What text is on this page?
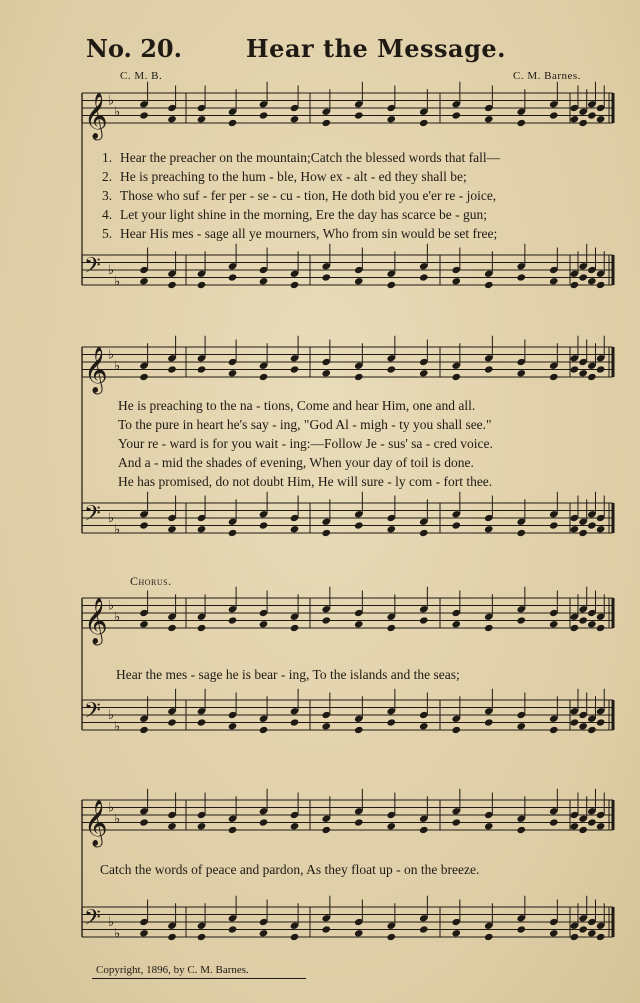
No. 20.	Hear the Message.
C. M. B.	C. M. Barnes.
𝄞 ♭
♭
𝄢 ♭
♭
𝄞 ♭
♭
𝄢 ♭
♭
𝄞 ♭
♭
𝄢 ♭
♭
𝄞 ♭
♭
𝄢 ♭
♭
1. Hear the preacher on the mountain;Catch the blessed words that fall—
2. He is preaching to the hum - ble, How ex - alt - ed they shall be;
3. Those who suf - fer per - se - cu - tion, He doth bid you e'er re - joice,
4. Let your light shine in the morning, Ere the day has scarce be - gun;
5. Hear His mes - sage all ye mourners, Who from sin would be set free;
He is preaching to the na - tions, Come and hear Him, one and all.
To the pure in heart he's say - ing, "God Al - migh - ty you shall see."
Your re - ward is for you wait - ing:—Follow Je - sus' sa - cred voice.
And a - mid the shades of evening, When your day of toil is done.
He has promised, do not doubt Him, He will sure - ly com - fort thee.
Chorus.
Hear the mes - sage he is bear - ing, To the islands and the seas;
Catch the words of peace and pardon, As they float up - on the breeze.
Copyright, 1896, by C. M. Barnes.
